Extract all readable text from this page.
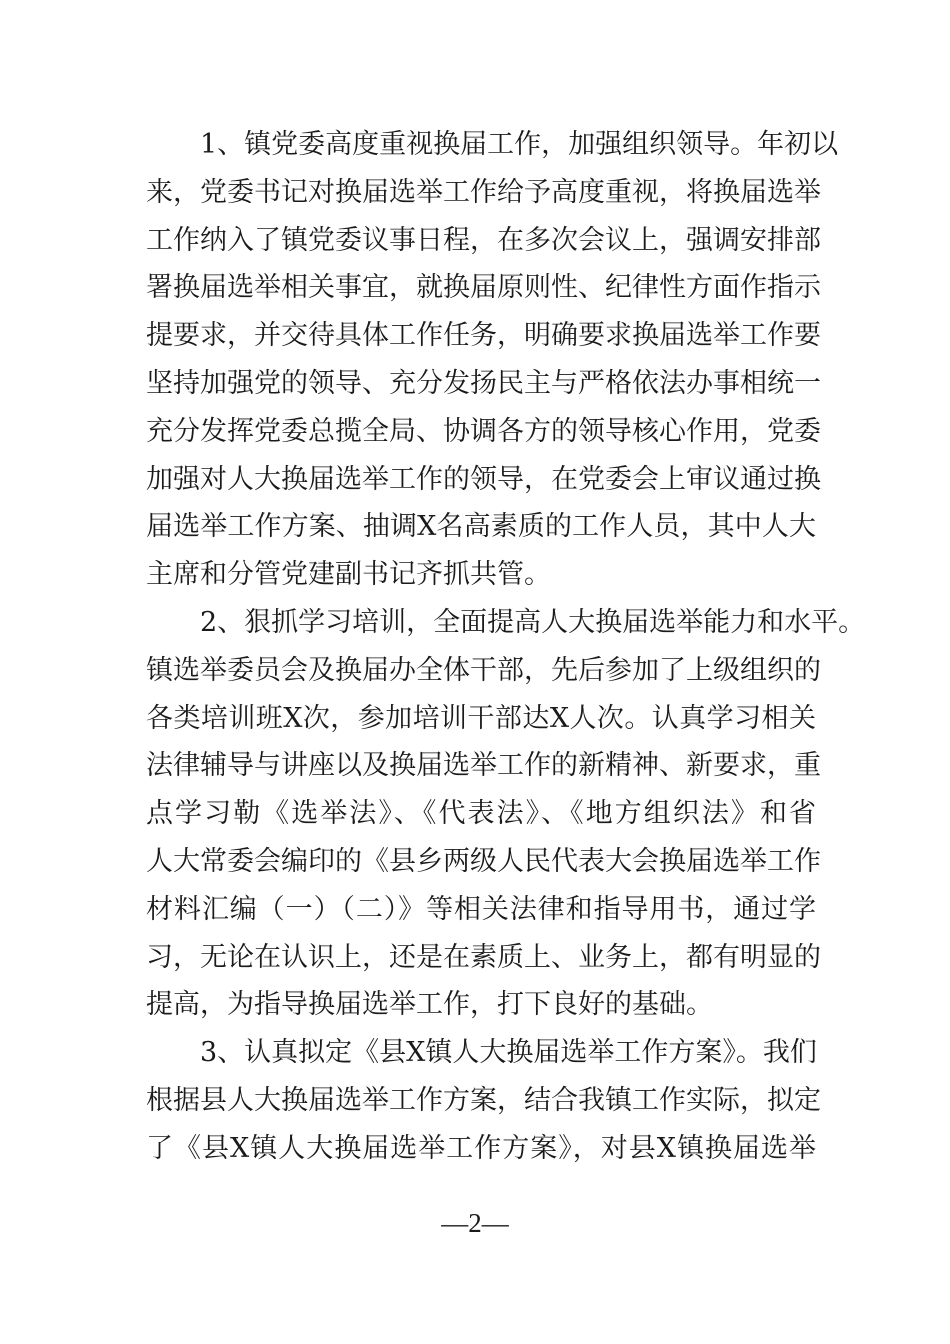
1、镇党委高度重视换届工作，加强组织领导。年初以
来，党委书记对换届选举工作给予高度重视，将换届选举
工作纳入了镇党委议事日程，在多次会议上，强调安排部
署换届选举相关事宜，就换届原则性、纪律性方面作指示
提要求，并交待具体工作任务，明确要求换届选举工作要
坚持加强党的领导、充分发扬民主与严格依法办事相统一
充分发挥党委总揽全局、协调各方的领导核心作用，党委
加强对人大换届选举工作的领导，在党委会上审议通过换
届选举工作方案、抽调X名高素质的工作人员，其中人大
主席和分管党建副书记齐抓共管。

2、狠抓学习培训，全面提高人大换届选举能力和水平。
镇选举委员会及换届办全体干部，先后参加了上级组织的
各类培训班X次，参加培训干部达X人次。认真学习相关
法律辅导与讲座以及换届选举工作的新精神、新要求，重
点学习勒《选举法》、《代表法》、《地方组织法》和省
人大常委会编印的《县乡两级人民代表大会换届选举工作
材料汇编（一）（二）》等相关法律和指导用书，通过学
习，无论在认识上，还是在素质上、业务上，都有明显的
提高，为指导换届选举工作，打下良好的基础。

3、认真拟定《县X镇人大换届选举工作方案》。我们
根据县人大换届选举工作方案，结合我镇工作实际，拟定
了《县X镇人大换届选举工作方案》，对县X镇换届选举

—2—
